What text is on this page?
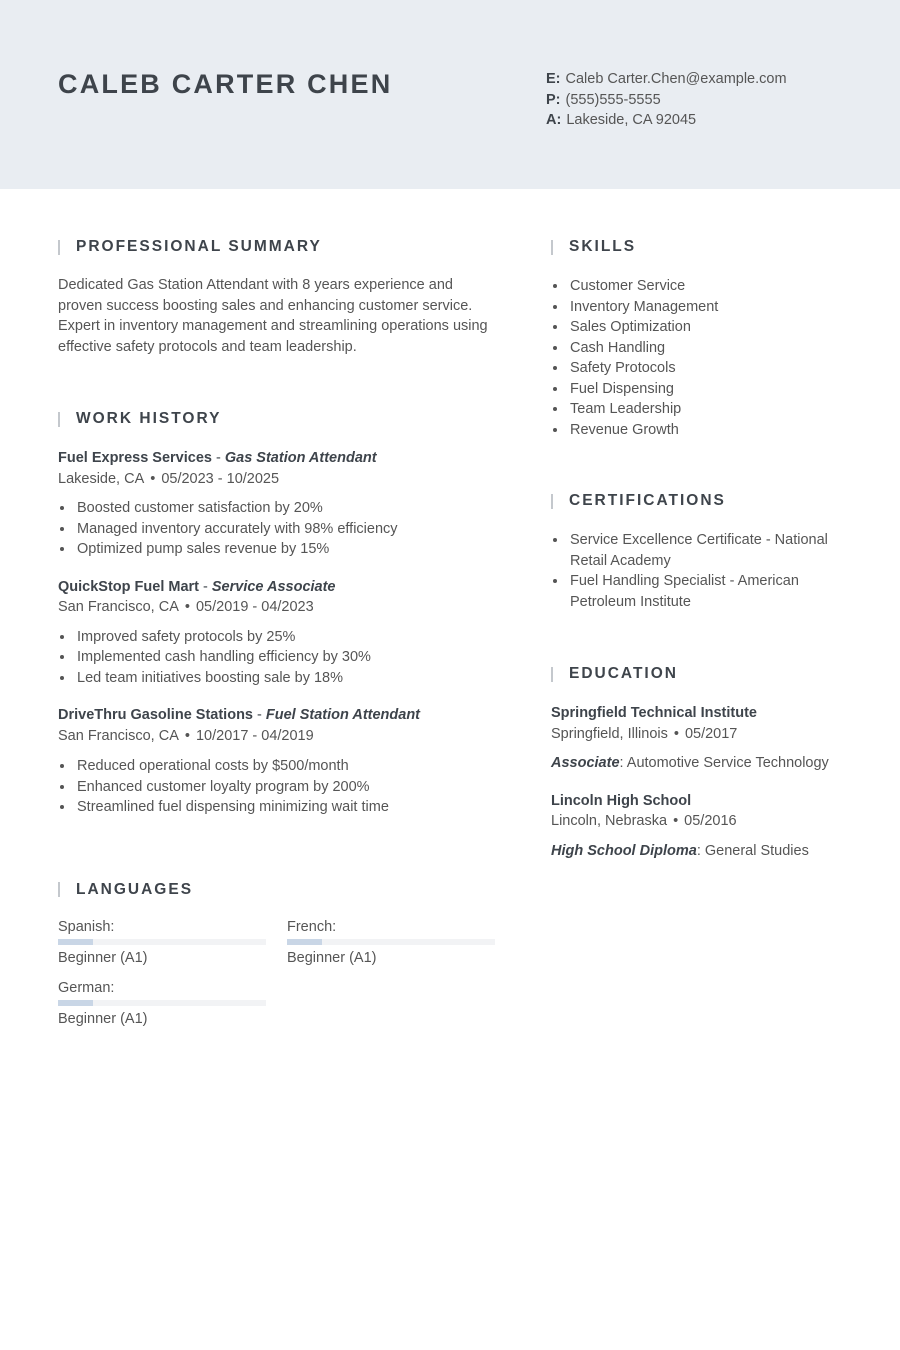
CALEB CARTER CHEN	E: Caleb Carter.Chen@example.com
P: (555)555-5555
A: Lakeside, CA 92045
PROFESSIONAL SUMMARY

Dedicated Gas Station Attendant with 8 years experience and proven success boosting sales and enhancing customer service. Expert in inventory management and streamlining operations using effective safety protocols and team leadership.

WORK HISTORY
Fuel Express Services - Gas Station Attendant
Lakeside, CA • 05/2023 - 10/2025
Boosted customer satisfaction by 20%
Managed inventory accurately with 98% efficiency
Optimized pump sales revenue by 15%
QuickStop Fuel Mart - Service Associate
San Francisco, CA • 05/2019 - 04/2023
Improved safety protocols by 25%
Implemented cash handling efficiency by 30%
Led team initiatives boosting sale by 18%
DriveThru Gasoline Stations - Fuel Station Attendant
San Francisco, CA • 10/2017 - 04/2019
Reduced operational costs by $500/month
Enhanced customer loyalty program by 200%
Streamlined fuel dispensing minimizing wait time
LANGUAGES
Spanish:
Beginner (A1)
French:
Beginner (A1)
German:
Beginner (A1)
SKILLS
Customer Service
Inventory Management
Sales Optimization
Cash Handling
Safety Protocols
Fuel Dispensing
Team Leadership
Revenue Growth
CERTIFICATIONS
Service Excellence Certificate - National Retail Academy
Fuel Handling Specialist - American Petroleum Institute
EDUCATION
Springfield Technical Institute
Springfield, Illinois • 05/2017
Associate: Automotive Service Technology
Lincoln High School
Lincoln, Nebraska • 05/2016
High School Diploma: General Studies
